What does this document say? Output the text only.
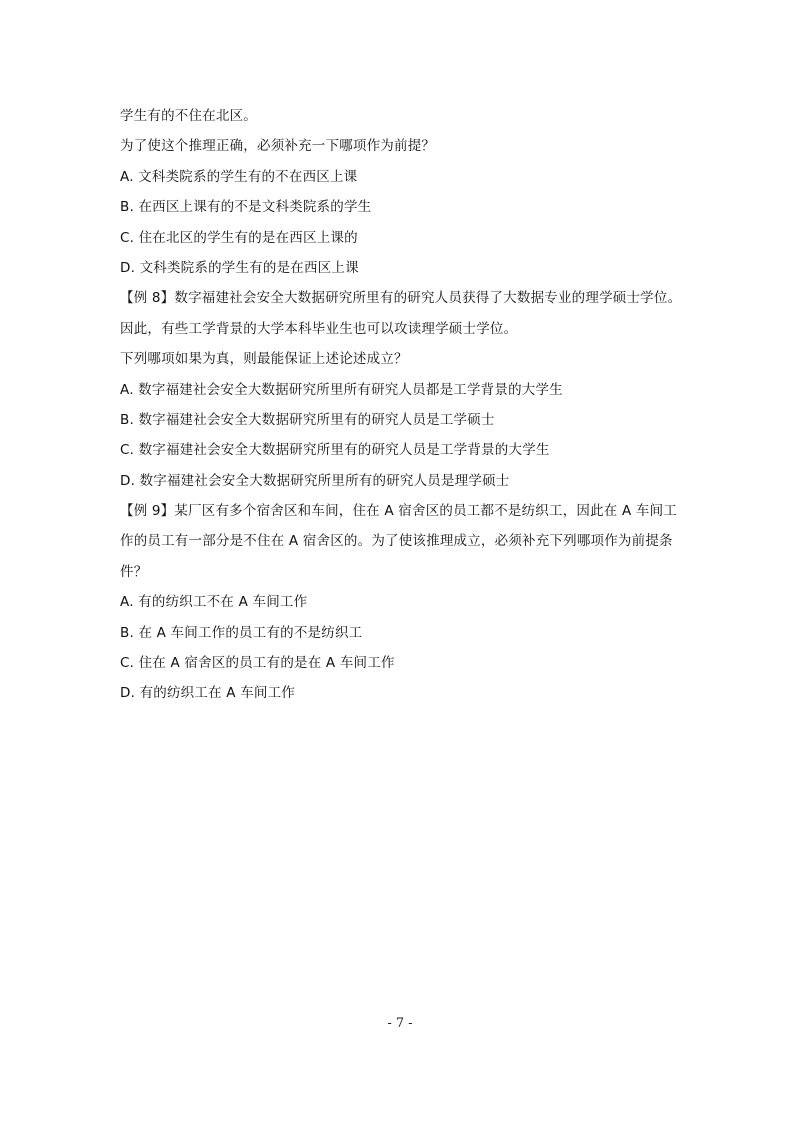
学生有的不住在北区。
为了使这个推理正确，必须补充一下哪项作为前提？
A. 文科类院系的学生有的不在西区上课
B. 在西区上课有的不是文科类院系的学生
C. 住在北区的学生有的是在西区上课的
D. 文科类院系的学生有的是在西区上课
【例 8】数字福建社会安全大数据研究所里有的研究人员获得了大数据专业的理学硕士学位。
因此，有些工学背景的大学本科毕业生也可以攻读理学硕士学位。
下列哪项如果为真，则最能保证上述论述成立？
A. 数字福建社会安全大数据研究所里所有研究人员都是工学背景的大学生
B. 数字福建社会安全大数据研究所里有的研究人员是工学硕士
C. 数字福建社会安全大数据研究所里有的研究人员是工学背景的大学生
D. 数字福建社会安全大数据研究所里所有的研究人员是理学硕士
【例 9】某厂区有多个宿舍区和车间，住在 A 宿舍区的员工都不是纺织工，因此在 A 车间工
作的员工有一部分是不住在 A 宿舍区的。为了使该推理成立，必须补充下列哪项作为前提条
件？
A. 有的纺织工不在 A 车间工作
B. 在 A 车间工作的员工有的不是纺织工
C. 住在 A 宿舍区的员工有的是在 A 车间工作
D. 有的纺织工在 A 车间工作
- 7 -
